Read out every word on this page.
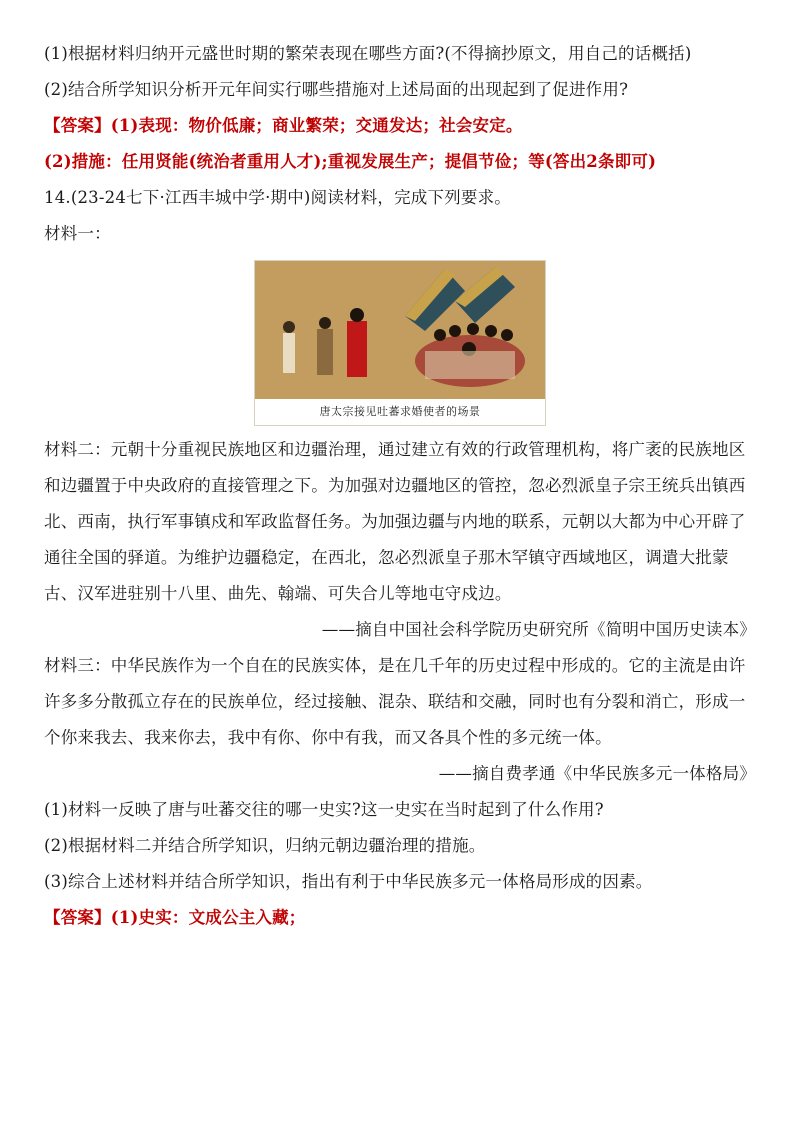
(1)根据材料归纳开元盛世时期的繁荣表现在哪些方面?(不得摘抄原文，用自己的话概括)

(2)结合所学知识分析开元年间实行哪些措施对上述局面的出现起到了促进作用?

【答案】(1)表现：物价低廉；商业繁荣；交通发达；社会安定。

(2)措施：任用贤能(统治者重用人才);重视发展生产；提倡节俭；等(答出2条即可)

14.(23-24七下·江西丰城中学·期中)阅读材料，完成下列要求。

材料一：

唐太宗接见吐蕃求婚使者的场景

材料二：元朝十分重视民族地区和边疆治理，通过建立有效的行政管理机构，将广袤的民族地区和边疆置于中央政府的直接管理之下。为加强对边疆地区的管控，忽必烈派皇子宗王统兵出镇西北、西南，执行军事镇戍和军政监督任务。为加强边疆与内地的联系，元朝以大都为中心开辟了通往全国的驿道。为维护边疆稳定，在西北，忽必烈派皇子那木罕镇守西域地区，调遣大批蒙古、汉军进驻别十八里、曲先、翰端、可失合儿等地屯守戍边。

——摘自中国社会科学院历史研究所《简明中国历史读本》

材料三：中华民族作为一个自在的民族实体，是在几千年的历史过程中形成的。它的主流是由许许多多分散孤立存在的民族单位，经过接触、混杂、联结和交融，同时也有分裂和消亡，形成一个你来我去、我来你去，我中有你、你中有我，而又各具个性的多元统一体。

——摘自费孝通《中华民族多元一体格局》

(1)材料一反映了唐与吐蕃交往的哪一史实?这一史实在当时起到了什么作用?

(2)根据材料二并结合所学知识，归纳元朝边疆治理的措施。

(3)综合上述材料并结合所学知识，指出有利于中华民族多元一体格局形成的因素。

【答案】(1)史实：文成公主入藏；
